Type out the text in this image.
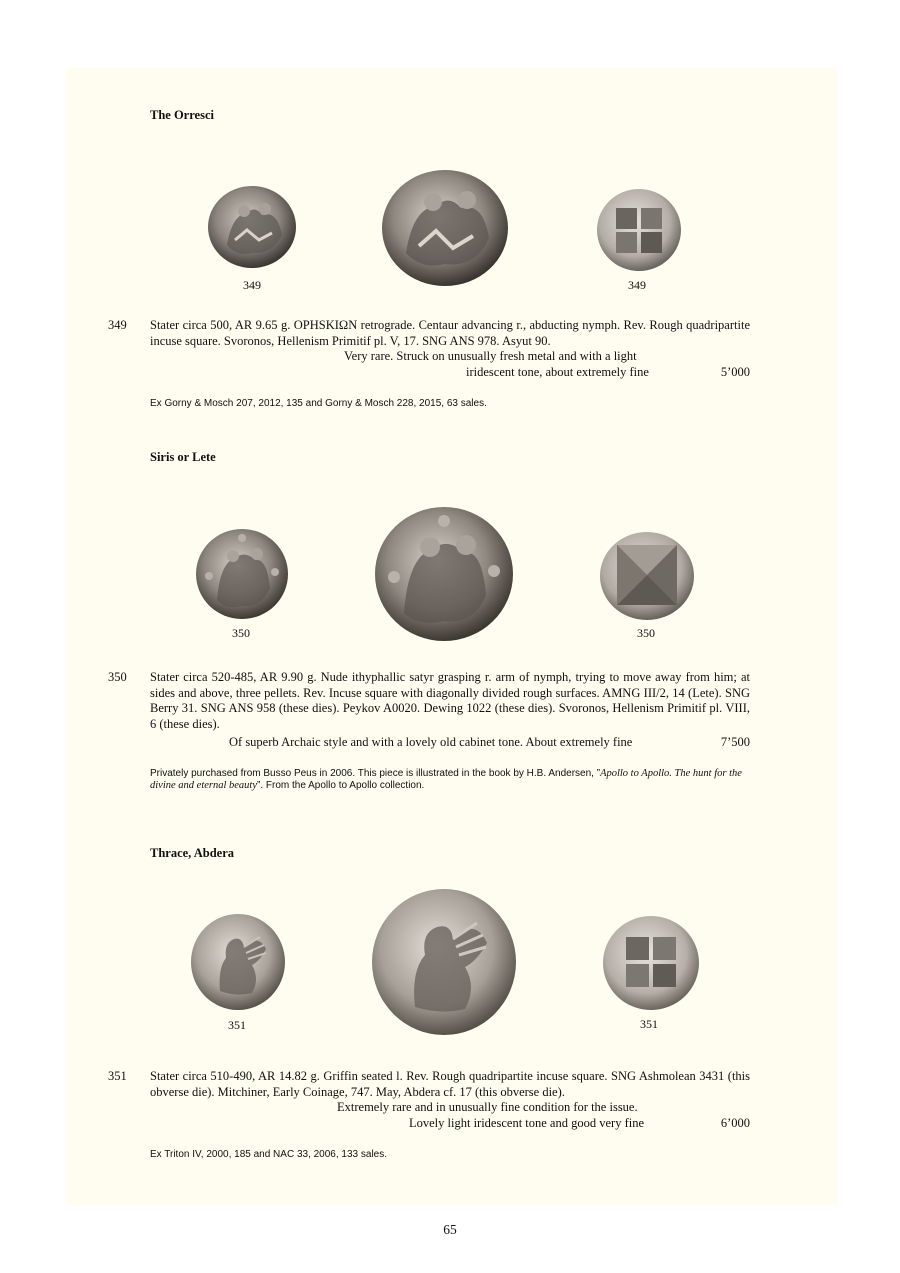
The Orresci
349	349
349 Stater circa 500, AR 9.65 g. OPHSKIΩN retrograde. Centaur advancing r., abducting nymph. Rev. Rough quadripartite incuse square. Svoronos, Hellenism Primitif pl. V, 17. SNG ANS 978. Asyut 90.
Very rare. Struck on unusually fresh metal and with a light
iridescent tone, about extremely fine	5’000
Ex Gorny & Mosch 207, 2012, 135 and Gorny & Mosch 228, 2015, 63 sales.
Siris or Lete
350	350
350 Stater circa 520-485, AR 9.90 g. Nude ithyphallic satyr grasping r. arm of nymph, trying to move away from him; at sides and above, three pellets. Rev. Incuse square with diagonally divided rough surfaces. AMNG III/2, 14 (Lete). SNG Berry 31. SNG ANS 958 (these dies). Peykov A0020. Dewing 1022 (these dies). Svoronos, Hellenism Primitif pl. VIII, 6 (these dies).
Of superb Archaic style and with a lovely old cabinet tone. About extremely fine	7’500
Privately purchased from Busso Peus in 2006. This piece is illustrated in the book by H.B. Andersen, ”Apollo to Apollo. The hunt for the divine and eternal beauty”. From the Apollo to Apollo collection.
Thrace, Abdera
351	351
351 Stater circa 510-490, AR 14.82 g. Griffin seated l. Rev. Rough quadripartite incuse square. SNG Ashmolean 3431 (this obverse die). Mitchiner, Early Coinage, 747. May, Abdera cf. 17 (this obverse die).
Extremely rare and in unusually fine condition for the issue.
Lovely light iridescent tone and good very fine	6’000
Ex Triton IV, 2000, 185 and NAC 33, 2006, 133 sales.
65
